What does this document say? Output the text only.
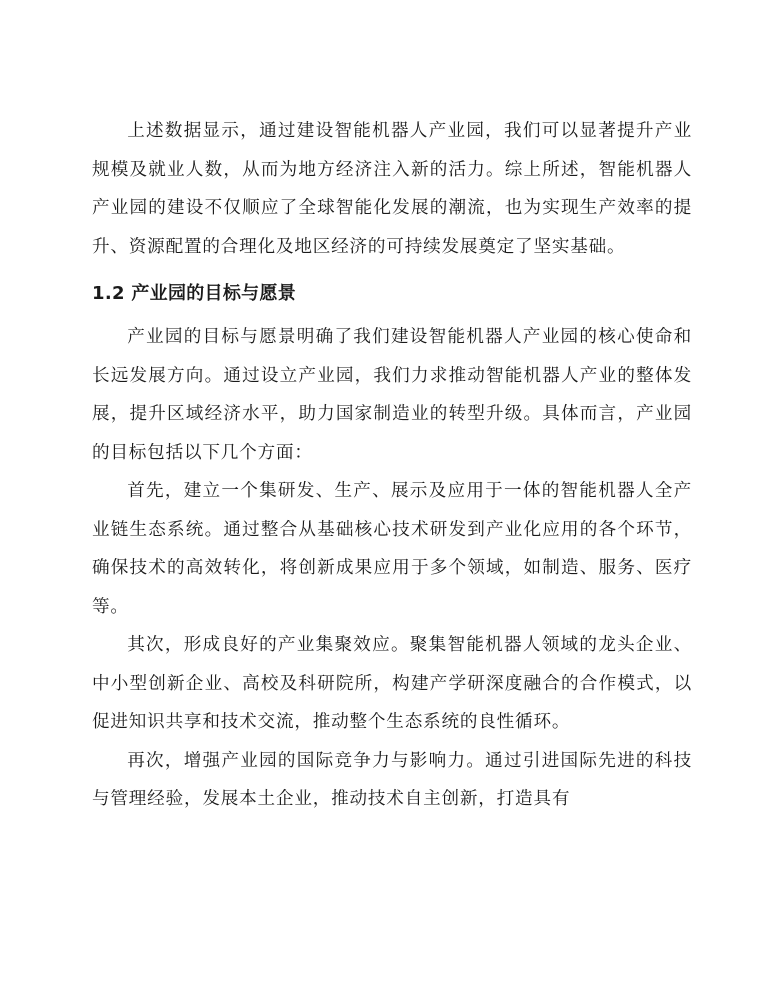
上述数据显示，通过建设智能机器人产业园，我们可以显著提升产业规模及就业人数，从而为地方经济注入新的活力。综上所述，智能机器人产业园的建设不仅顺应了全球智能化发展的潮流，也为实现生产效率的提升、资源配置的合理化及地区经济的可持续发展奠定了坚实基础。

1.2 产业园的目标与愿景

产业园的目标与愿景明确了我们建设智能机器人产业园的核心使命和长远发展方向。通过设立产业园，我们力求推动智能机器人产业的整体发展，提升区域经济水平，助力国家制造业的转型升级。具体而言，产业园的目标包括以下几个方面：

首先，建立一个集研发、生产、展示及应用于一体的智能机器人全产业链生态系统。通过整合从基础核心技术研发到产业化应用的各个环节，确保技术的高效转化，将创新成果应用于多个领域，如制造、服务、医疗等。

其次，形成良好的产业集聚效应。聚集智能机器人领域的龙头企业、中小型创新企业、高校及科研院所，构建产学研深度融合的合作模式，以促进知识共享和技术交流，推动整个生态系统的良性循环。

再次，增强产业园的国际竞争力与影响力。通过引进国际先进的科技与管理经验，发展本土企业，推动技术自主创新，打造具有
